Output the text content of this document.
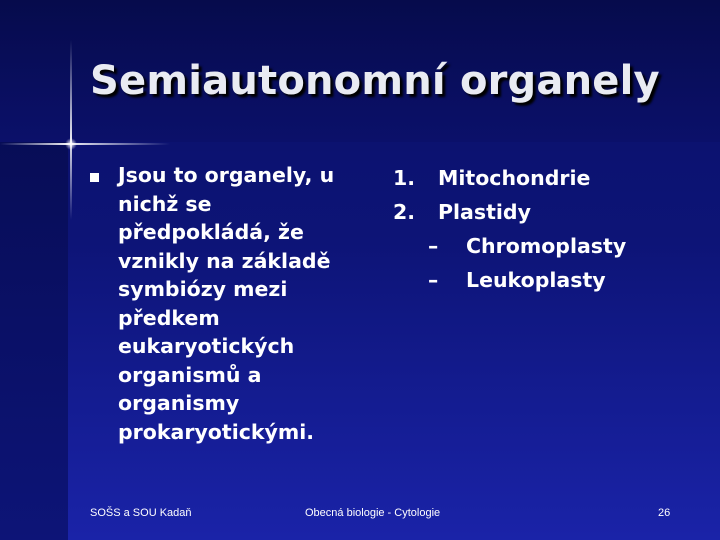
Semiautonomní organely

Jsou to organely, u nichž se předpokládá, že vznikly na základě symbiózy mezi předkem eukaryotických organismů a organismy prokaryotickými.

1.	Mitochondrie
2.	Plastidy
–	Chromoplasty
–	Leukoplasty
SOŠS a SOU Kadaň	Obecná biologie - Cytologie	26
